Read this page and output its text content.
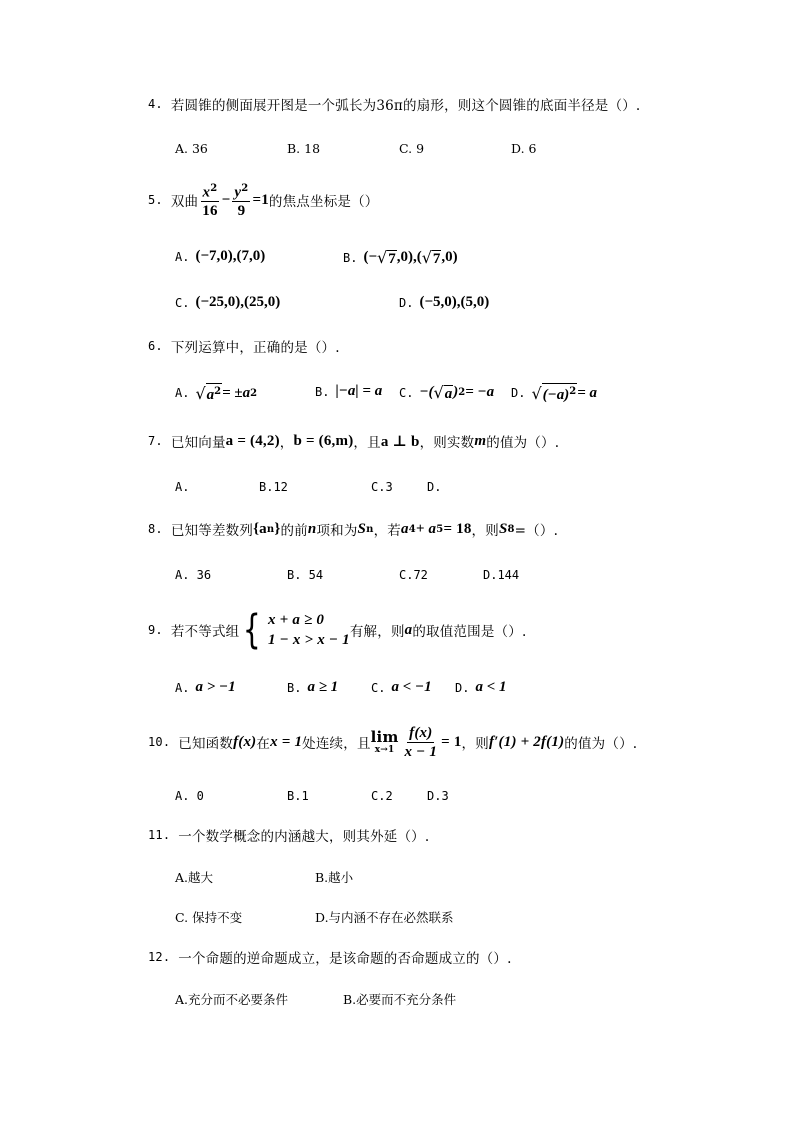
4. 若圆锥的侧面展开图是一个弧长为36π的扇形，则这个圆锥的底面半径是（）.
A. 36	B. 18	C. 9	D. 6
5. 双曲 $\frac{x^2}{16} - \frac{y^2}{9} =1$ 的焦点坐标是（）
A. (−7,0),(7,0)	B. (− √ 7 ,0),( √ 7 ,0)
C. (−25,0),(25,0)	D. (−5,0),(5,0)
6. 下列运算中，正确的是（）.
A. √ $a^2 = \pm a$ 2	B. |−a| = a C. −( √ a ) 2 = −a D. √ $(-a)^2 = a$
7. 已知向量 a = (4,2) ， b = (6,m) ，且 a ⊥ b ，则实数 m 的值为（）.
A.	B.12	C.3	D.
8. 已知等差数列 {a n } 的前 n 项和为 S n ，若 a 4 + a 5 = 18 ，则 S 8 =（）.
A. 36	B. 54	C.72	D.144
9. 若不等式组 { x + a ≥ 0
1 − x > x − 1 有解，则 a 的取值范围是（）.
A. a > −1	B. a ≥ 1	C. a < −1 D. a < 1
10. 已知函数 f(x) 在 x = 1 处连续，且 lim
$x\to 1 \frac{f(x)}{x - 1} = 1$ ，则 f′(1) + 2f(1) 的值为（）.
A. 0	B.1	C.2	D.3
11. 一个数学概念的内涵越大，则其外延（）.
A.越大	B.越小
C. 保持不变	D.与内涵不存在必然联系
12. 一个命题的逆命题成立，是该命题的否命题成立的（）.
A.充分而不必要条件	B.必要而不充分条件
